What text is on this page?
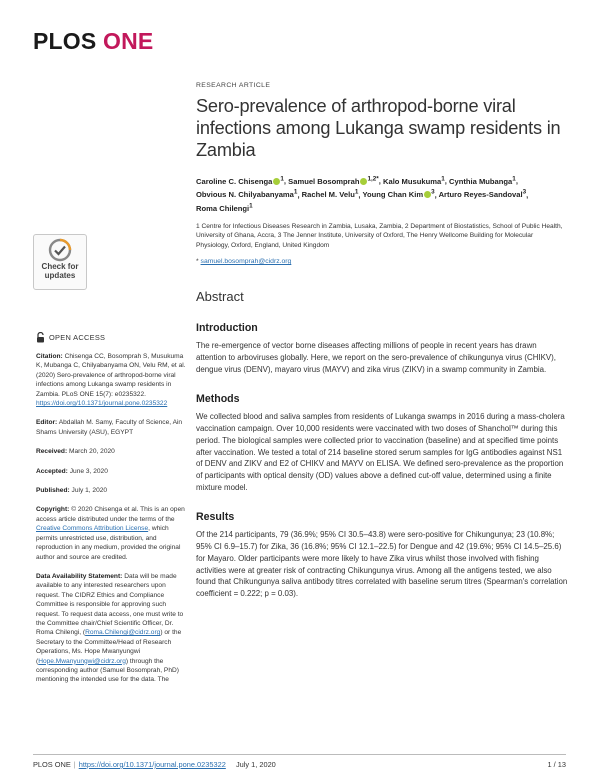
PLOS ONE
Check for
updates
OPEN ACCESS
Citation: Chisenga CC, Bosomprah S, Musukuma K, Mubanga C, Chilyabanyama ON, Velu RM, et al. (2020) Sero-prevalence of arthropod-borne viral infections among Lukanga swamp residents in Zambia. PLoS ONE 15(7): e0235322. https://doi.org/10.1371/journal.pone.0235322
Editor: Abdallah M. Samy, Faculty of Science, Ain Shams University (ASU), EGYPT
Received: March 20, 2020
Accepted: June 3, 2020
Published: July 1, 2020
Copyright: © 2020 Chisenga et al. This is an open access article distributed under the terms of the Creative Commons Attribution License, which permits unrestricted use, distribution, and reproduction in any medium, provided the original author and source are credited.
Data Availability Statement: Data will be made available to any interested researchers upon request. The CIDRZ Ethics and Compliance Committee is responsible for approving such request. To request data access, one must write to the Committee chair/Chief Scientific Officer, Dr. Roma Chilengi, (Roma.Chilengi@cidrz.org) or the Secretary to the Committee/Head of Research Operations, Ms. Hope Mwanyungwi (Hope.Mwanyungwi@cidrz.org) through the corresponding author (Samuel Bosomprah, PhD) mentioning the intended use for the data. The
RESEARCH ARTICLE
Sero-prevalence of arthropod-borne viral infections among Lukanga swamp residents in Zambia
Caroline C. Chisenga $^1$, Samuel Bosomprah $^{1,2*}$, Kalo Musukuma$^1$, Cynthia Mubanga$^1$, Obvious N. Chilyabanyama$^1$, Rachel M. Velu$^1$, Young Chan Kim $^3$, Arturo Reyes-Sandoval$^3$, Roma Chilengi$^1$
1 Centre for Infectious Diseases Research in Zambia, Lusaka, Zambia, 2 Department of Biostatistics, School of Public Health, University of Ghana, Accra, 3 The Jenner Institute, University of Oxford, The Henry Wellcome Building for Molecular Physiology, Oxford, England, United Kingdom
* samuel.bosomprah@cidrz.org
Abstract
Introduction

The re-emergence of vector borne diseases affecting millions of people in recent years has drawn attention to arboviruses globally. Here, we report on the sero-prevalence of chikungunya virus (CHIKV), dengue virus (DENV), mayaro virus (MAYV) and zika virus (ZIKV) in a swamp community in Zambia.

Methods

We collected blood and saliva samples from residents of Lukanga swamps in 2016 during a mass-cholera vaccination campaign. Over 10,000 residents were vaccinated with two doses of Shanchol™ during this period. The biological samples were collected prior to vaccination (baseline) and at specified time points after vaccination. We tested a total of 214 baseline stored serum samples for IgG antibodies against NS1 of DENV and ZIKV and E2 of CHIKV and MAYV on ELISA. We defined sero-prevalence as the proportion of participants with optical density (OD) values above a defined cut-off value, determined using a finite mixture model.

Results

Of the 214 participants, 79 (36.9%; 95% CI 30.5–43.8) were sero-positive for Chikungunya; 23 (10.8%; 95% CI 6.9–15.7) for Zika, 36 (16.8%; 95% CI 12.1–22.5) for Dengue and 42 (19.6%; 95% CI 14.5–25.6) for Mayaro. Older participants were more likely to have Zika virus whilst those involved with fishing activities were at greater risk of contracting Chikungunya virus. Among all the antigens tested, we also found that Chikungunya saliva antibody titres correlated with baseline serum titres (Spearman's correlation coefficient = 0.222; p = 0.03).

PLOS ONE | https://doi.org/10.1371/journal.pone.0235322
July 1, 2020	1 / 13
